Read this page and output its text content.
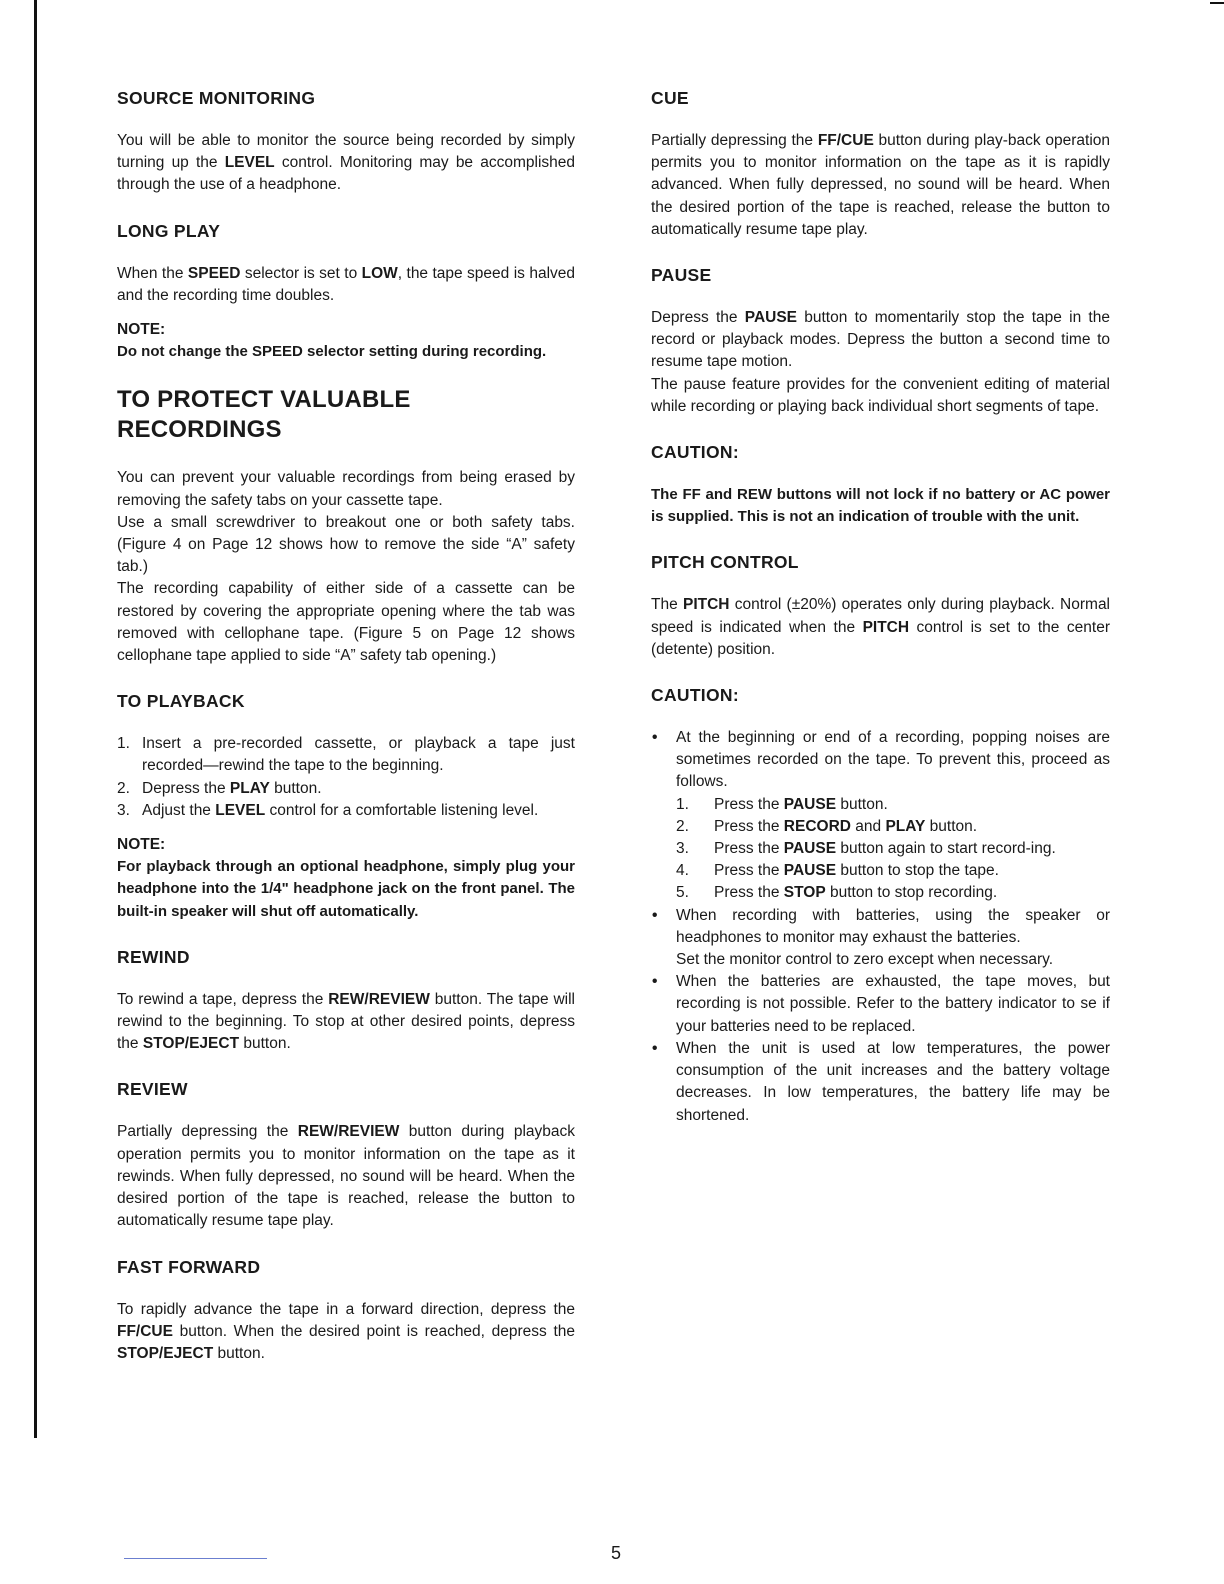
SOURCE MONITORING

You will be able to monitor the source being recorded by simply turning up the LEVEL control. Monitoring may be accomplished through the use of a headphone.

LONG PLAY

When the SPEED selector is set to LOW, the tape speed is halved and the recording time doubles.

NOTE:

Do not change the SPEED selector setting during recording.

TO PROTECT VALUABLE RECORDINGS

You can prevent your valuable recordings from being erased by removing the safety tabs on your cassette tape.

Use a small screwdriver to breakout one or both safety tabs. (Figure 4 on Page 12 shows how to remove the side “A” safety tab.)

The recording capability of either side of a cassette can be restored by covering the appropriate opening where the tab was removed with cellophane tape. (Figure 5 on Page 12 shows cellophane tape applied to side “A” safety tab opening.)

TO PLAYBACK
1. Insert a pre-recorded cassette, or playback a tape just recorded—rewind the tape to the beginning.
2. Depress the PLAY button.
3. Adjust the LEVEL control for a comfortable listening level.

NOTE:

For playback through an optional headphone, simply plug your headphone into the 1/4" headphone jack on the front panel. The built-in speaker will shut off automatically.

REWIND

To rewind a tape, depress the REW/REVIEW button. The tape will rewind to the beginning. To stop at other desired points, depress the STOP/EJECT button.

REVIEW

Partially depressing the REW/REVIEW button during playback operation permits you to monitor information on the tape as it rewinds. When fully depressed, no sound will be heard. When the desired portion of the tape is reached, release the button to automatically resume tape play.

FAST FORWARD

To rapidly advance the tape in a forward direction, depress the FF/CUE button. When the desired point is reached, depress the STOP/EJECT button.

CUE

Partially depressing the FF/CUE button during play-back operation permits you to monitor information on the tape as it is rapidly advanced. When fully depressed, no sound will be heard. When the desired portion of the tape is reached, release the button to automatically resume tape play.

PAUSE

Depress the PAUSE button to momentarily stop the tape in the record or playback modes. Depress the button a second time to resume tape motion.

The pause feature provides for the convenient editing of material while recording or playing back individual short segments of tape.

CAUTION:

The FF and REW buttons will not lock if no battery or AC power is supplied. This is not an indication of trouble with the unit.

PITCH CONTROL

The PITCH control (±20%) operates only during playback. Normal speed is indicated when the PITCH control is set to the center (detente) position.

CAUTION:
• At the beginning or end of a recording, popping noises are sometimes recorded on the tape. To prevent this, proceed as follows.
1. Press the PAUSE button.
2. Press the RECORD and PLAY button.
3. Press the PAUSE button again to start record-ing.
4. Press the PAUSE button to stop the tape.
5. Press the STOP button to stop recording.
• When recording with batteries, using the speaker or headphones to monitor may exhaust the batteries.
Set the monitor control to zero except when necessary.
• When the batteries are exhausted, the tape moves, but recording is not possible. Refer to the battery indicator to se if your batteries need to be replaced.
• When the unit is used at low temperatures, the power consumption of the unit increases and the battery voltage decreases. In low temperatures, the battery life may be shortened.
5
